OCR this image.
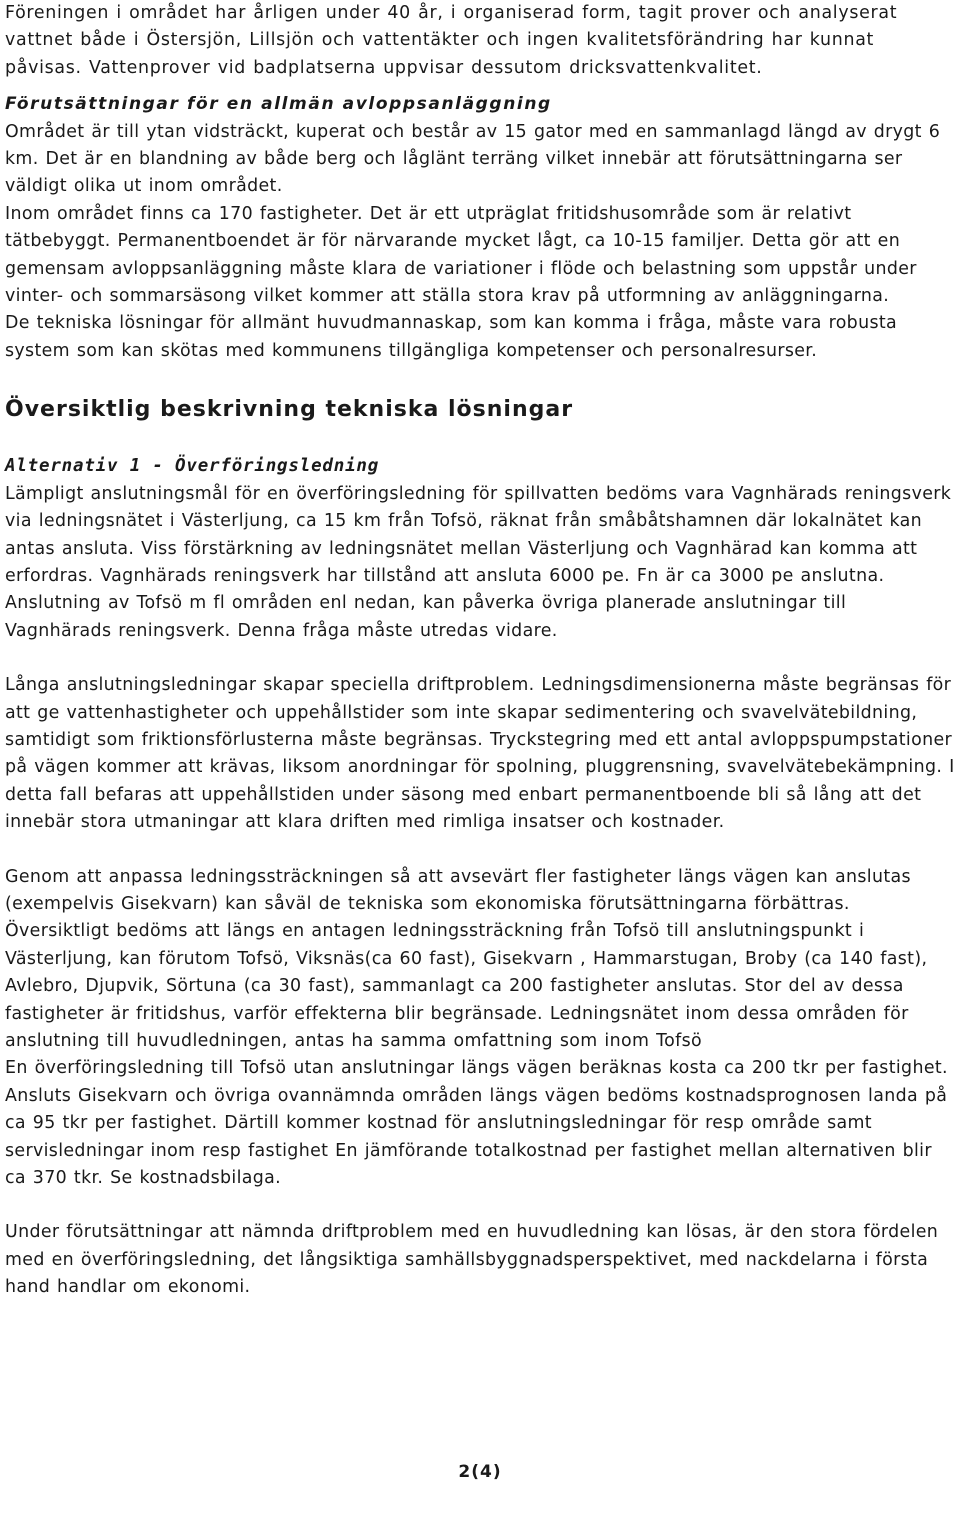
Föreningen i området har årligen under 40 år, i organiserad form, tagit prover och analyserat vattnet både i Östersjön, Lillsjön och vattentäkter och ingen kvalitetsförändring har kunnat påvisas. Vattenprover vid badplatserna uppvisar dessutom dricksvattenkvalitet.

Förutsättningar för en allmän avloppsanläggning

Området är till ytan vidsträckt, kuperat och består av 15 gator med en sammanlagd längd av drygt 6 km. Det är en blandning av både berg och låglänt terräng vilket innebär att förutsättningarna ser väldigt olika ut inom området.

Inom området finns ca 170 fastigheter. Det är ett utpräglat fritidshusområde som är relativt tätbebyggt. Permanentboendet är för närvarande mycket lågt, ca 10-15 familjer. Detta gör att en gemensam avloppsanläggning måste klara de variationer i flöde och belastning som uppstår under vinter- och sommarsäsong vilket kommer att ställa stora krav på utformning av anläggningarna.

De tekniska lösningar för allmänt huvudmannaskap, som kan komma i fråga, måste vara robusta system som kan skötas med kommunens tillgängliga kompetenser och personalresurser.

Översiktlig beskrivning tekniska lösningar
Alternativ 1 - Överföringsledning

Lämpligt anslutningsmål för en överföringsledning för spillvatten bedöms vara Vagnhärads reningsverk via ledningsnätet i Västerljung, ca 15 km från Tofsö, räknat från småbåtshamnen där lokalnätet kan antas ansluta. Viss förstärkning av ledningsnätet mellan Västerljung och Vagnhärad kan komma att erfordras. Vagnhärads reningsverk har tillstånd att ansluta 6000 pe. Fn är ca 3000 pe anslutna. Anslutning av Tofsö m fl områden enl nedan, kan påverka övriga planerade anslutningar till Vagnhärads reningsverk. Denna fråga måste utredas vidare.

Långa anslutningsledningar skapar speciella driftproblem. Ledningsdimensionerna måste begränsas för att ge vattenhastigheter och uppehållstider som inte skapar sedimentering och svavelvätebildning, samtidigt som friktionsförlusterna måste begränsas. Tryckstegring med ett antal avloppspumpstationer på vägen kommer att krävas, liksom anordningar för spolning, pluggrensning, svavelvätebekämpning. I detta fall befaras att uppehållstiden under säsong med enbart permanentboende bli så lång att det innebär stora utmaningar att klara driften med rimliga insatser och kostnader.

Genom att anpassa ledningssträckningen så att avsevärt fler fastigheter längs vägen kan anslutas (exempelvis Gisekvarn) kan såväl de tekniska som ekonomiska förutsättningarna förbättras. Översiktligt bedöms att längs en antagen ledningssträckning från Tofsö till anslutningspunkt i Västerljung, kan förutom Tofsö, Viksnäs(ca 60 fast), Gisekvarn , Hammarstugan, Broby (ca 140 fast), Avlebro, Djupvik, Sörtuna (ca 30 fast), sammanlagt ca 200 fastigheter anslutas. Stor del av dessa fastigheter är fritidshus, varför effekterna blir begränsade. Ledningsnätet inom dessa områden för anslutning till huvudledningen, antas ha samma omfattning som inom Tofsö

En överföringsledning till Tofsö utan anslutningar längs vägen beräknas kosta ca 200 tkr per fastighet. Ansluts Gisekvarn och övriga ovannämnda områden längs vägen bedöms kostnadsprognosen landa på ca 95 tkr per fastighet. Därtill kommer kostnad för anslutningsledningar för resp område samt servisledningar inom resp fastighet En jämförande totalkostnad per fastighet mellan alternativen blir ca 370 tkr. Se kostnadsbilaga.

Under förutsättningar att nämnda driftproblem med en huvudledning kan lösas, är den stora fördelen med en överföringsledning, det långsiktiga samhällsbyggnadsperspektivet, med nackdelarna i första hand handlar om ekonomi.

2(4)
